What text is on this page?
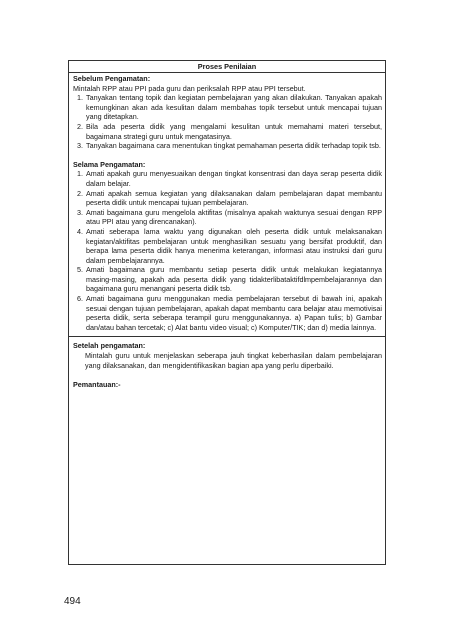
Proses Penilaian
Sebelum Pengamatan:
Mintalah RPP atau PPI pada guru dan periksalah RPP atau PPI tersebut.
1. Tanyakan tentang topik dan kegiatan pembelajaran yang akan dilakukan. Tanyakan apakah kemungkinan akan ada kesulitan dalam membahas topik tersebut untuk mencapai tujuan yang ditetapkan.
2. Bila ada peserta didik yang mengalami kesulitan untuk memahami materi tersebut, bagaimana strategi guru untuk mengatasinya.
3. Tanyakan bagaimana cara menentukan tingkat pemahaman peserta didik terhadap topik tsb.
Selama Pengamatan:
1. Amati apakah guru menyesuaikan dengan tingkat konsentrasi dan daya serap peserta didik dalam belajar.
2. Amati apakah semua kegiatan yang dilaksanakan dalam pembelajaran dapat membantu peserta didik untuk mencapai tujuan pembelajaran.
3. Amati bagaimana guru mengelola aktifitas (misalnya apakah waktunya sesuai dengan RPP atau PPI atau yang direncanakan).
4. Amati seberapa lama waktu yang digunakan oleh peserta didik untuk melaksanakan kegiatan/aktifitas pembelajaran untuk menghasilkan sesuatu yang bersifat produktif, dan berapa lama peserta didik hanya menerima keterangan, informasi atau instruksi dari guru dalam pembelajarannya.
5. Amati bagaimana guru membantu setiap peserta didik untuk melakukan kegiatannya masing-masing, apakah ada peserta didik yang tidakterlibataktifdlmpembelajarannya dan bagaimana guru menangani peserta didik tsb.
6. Amati bagaimana guru menggunakan media pembelajaran tersebut di bawah ini, apakah sesuai dengan tujuan pembelajaran, apakah dapat membantu cara belajar atau memotivisai peserta didik, serta seberapa terampil guru menggunakannya. a) Papan tulis; b) Gambar dan/atau bahan tercetak; c) Alat bantu video visual; c) Komputer/TIK; dan d) media lainnya.
Setelah pengamatan:
Mintalah guru untuk menjelaskan seberapa jauh tingkat keberhasilan dalam pembelajaran yang dilaksanakan, dan mengidentifikasikan bagian apa yang perlu diperbaiki.
Pemantauan:-
494
